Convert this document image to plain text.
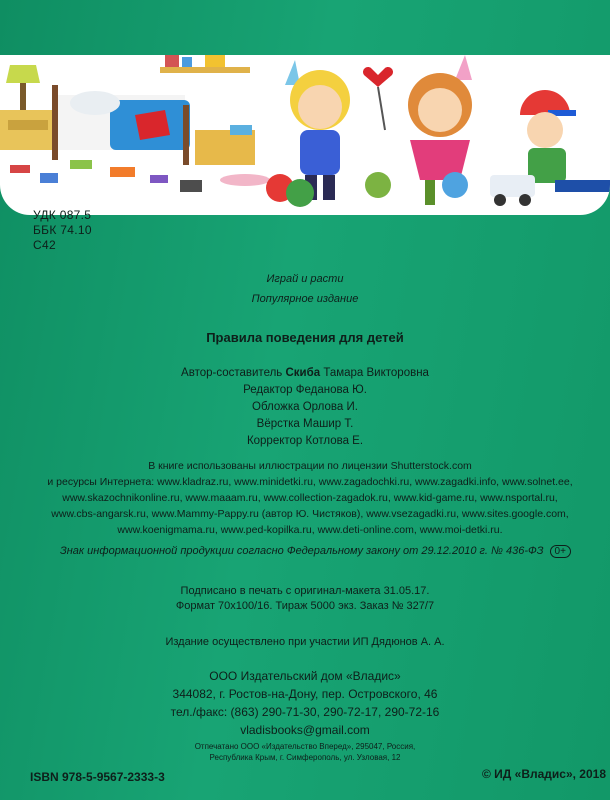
УДК 087.5
ББК 74.10
С42
Играй и расти
Популярное издание
Правила поведения для детей
Автор-составитель Скиба Тамара Викторовна
Редактор Феданова Ю.
Обложка Орлова И.
Вёрстка Машир Т.
Корректор Котлова Е.
В книге использованы иллюстрации по лицензии Shutterstock.com
и ресурсы Интернета: www.kladraz.ru, www.minidetki.ru, www.zagadochki.ru, www.zagadki.info, www.solnet.ee,
www.skazochnikonline.ru, www.maaam.ru, www.collection-zagadok.ru, www.kid-game.ru, www.nsportal.ru,
www.cbs-angarsk.ru, www.Mammy-Pappy.ru (автор Ю. Чистяков), www.vsezagadki.ru, www.sites.google.com,
www.koenigmama.ru, www.ped-kopilka.ru, www.deti-online.com, www.moi-detki.ru.
Знак информационной продукции согласно Федеральному закону от 29.12.2010 г. № 436-ФЗ 0+
Подписано в печать с оригинал-макета 31.05.17.
Формат 70х100/16. Тираж 5000 экз. Заказ № 327/7
Издание осуществлено при участии ИП Дядюнов А. А.
ООО Издательский дом «Владис»
344082, г. Ростов-на-Дону, пер. Островского, 46
тел./факс: (863) 290-71-30, 290-72-17, 290-72-16
vladisbooks@gmail.com
Отпечатано ООО «Издательство Вперед», 295047, Россия,
Республика Крым, г. Симферополь, ул. Узловая, 12
ISBN 978-5-9567-2333-3	© ИД «Владис», 2018
